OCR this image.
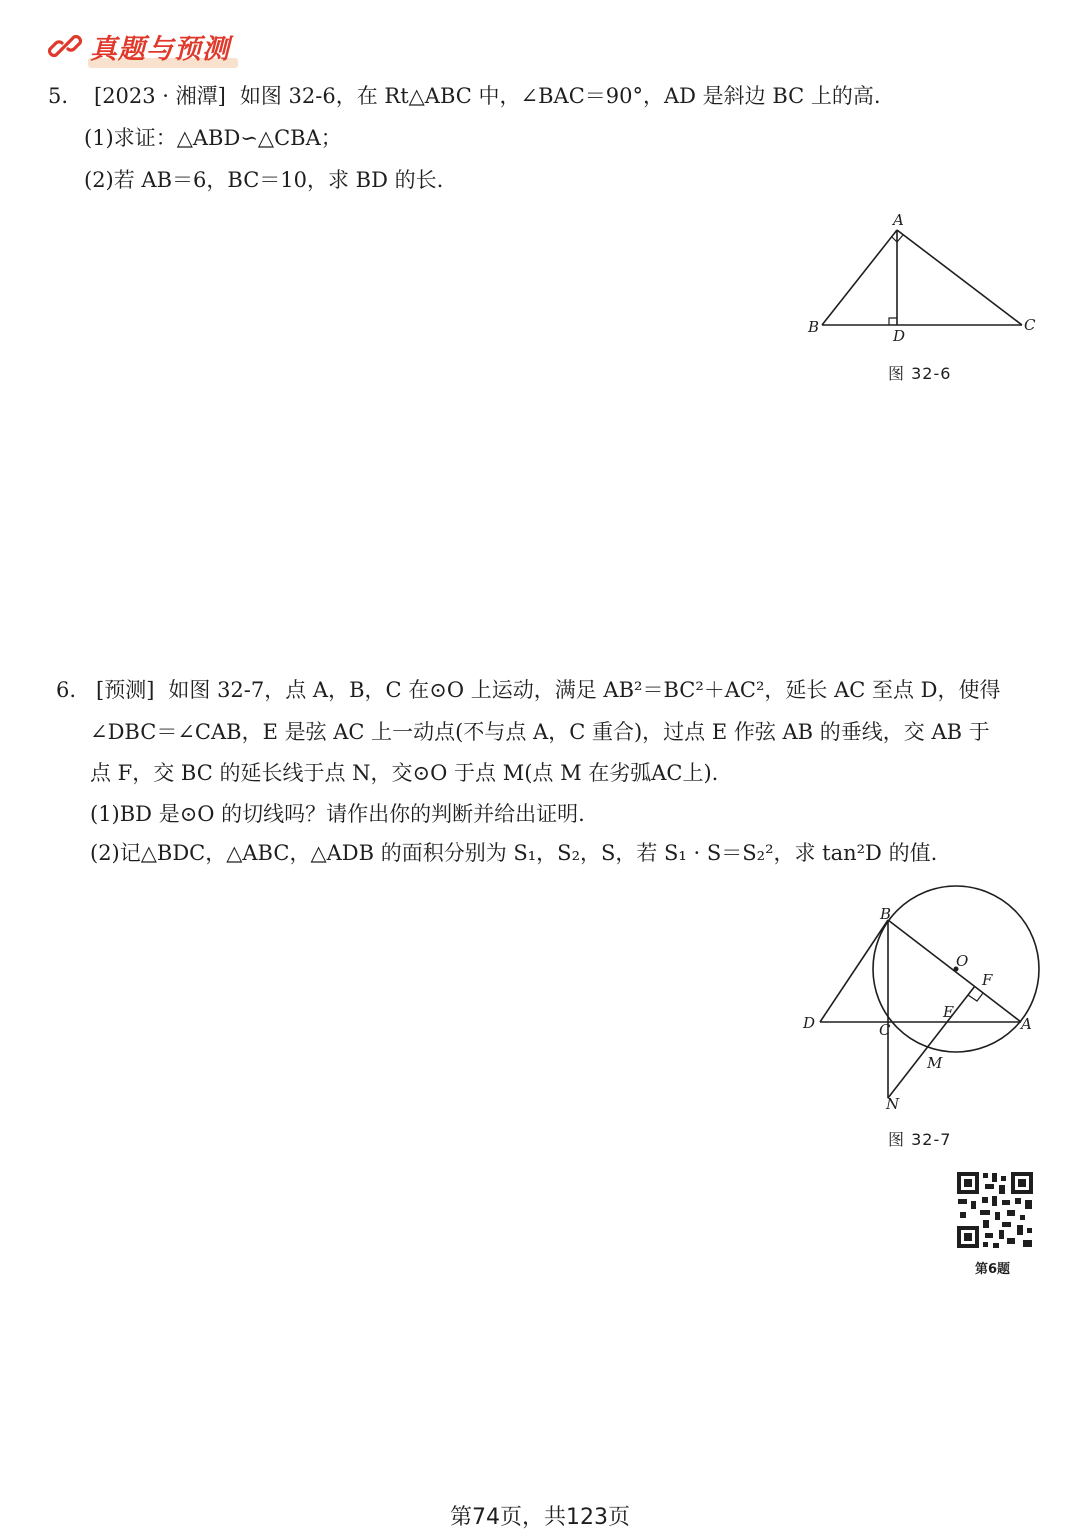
真题与预测
5. [2023 · 湘潭] 如图 32-6，在 Rt△ABC 中，∠BAC＝90°，AD 是斜边 BC 上的高.
(1)求证：△ABD∽△CBA；
(2)若 AB＝6，BC＝10，求 BD 的长.
A
B	C
D
图 32-6
6. [预测] 如图 32-7，点 A，B，C 在⊙O 上运动，满足 AB²＝BC²＋AC²，延长 AC 至点 D，使得
∠DBC＝∠CAB，E 是弦 AC 上一动点(不与点 A，C 重合)，过点 E 作弦 AB 的垂线，交 AB 于
点 F，交 BC 的延长线于点 N，交⊙O 于点 M(点 M 在劣弧AC上).
(1)BD 是⊙O 的切线吗？请作出你的判断并给出证明.
(2)记△BDC，△ABC，△ADB 的面积分别为 S₁，S₂，S，若 S₁ · S＝S₂²，求 tan²D 的值.
B
O
F
D	C
E
A
M
N
图 32-7
第6题
第74页，共123页
